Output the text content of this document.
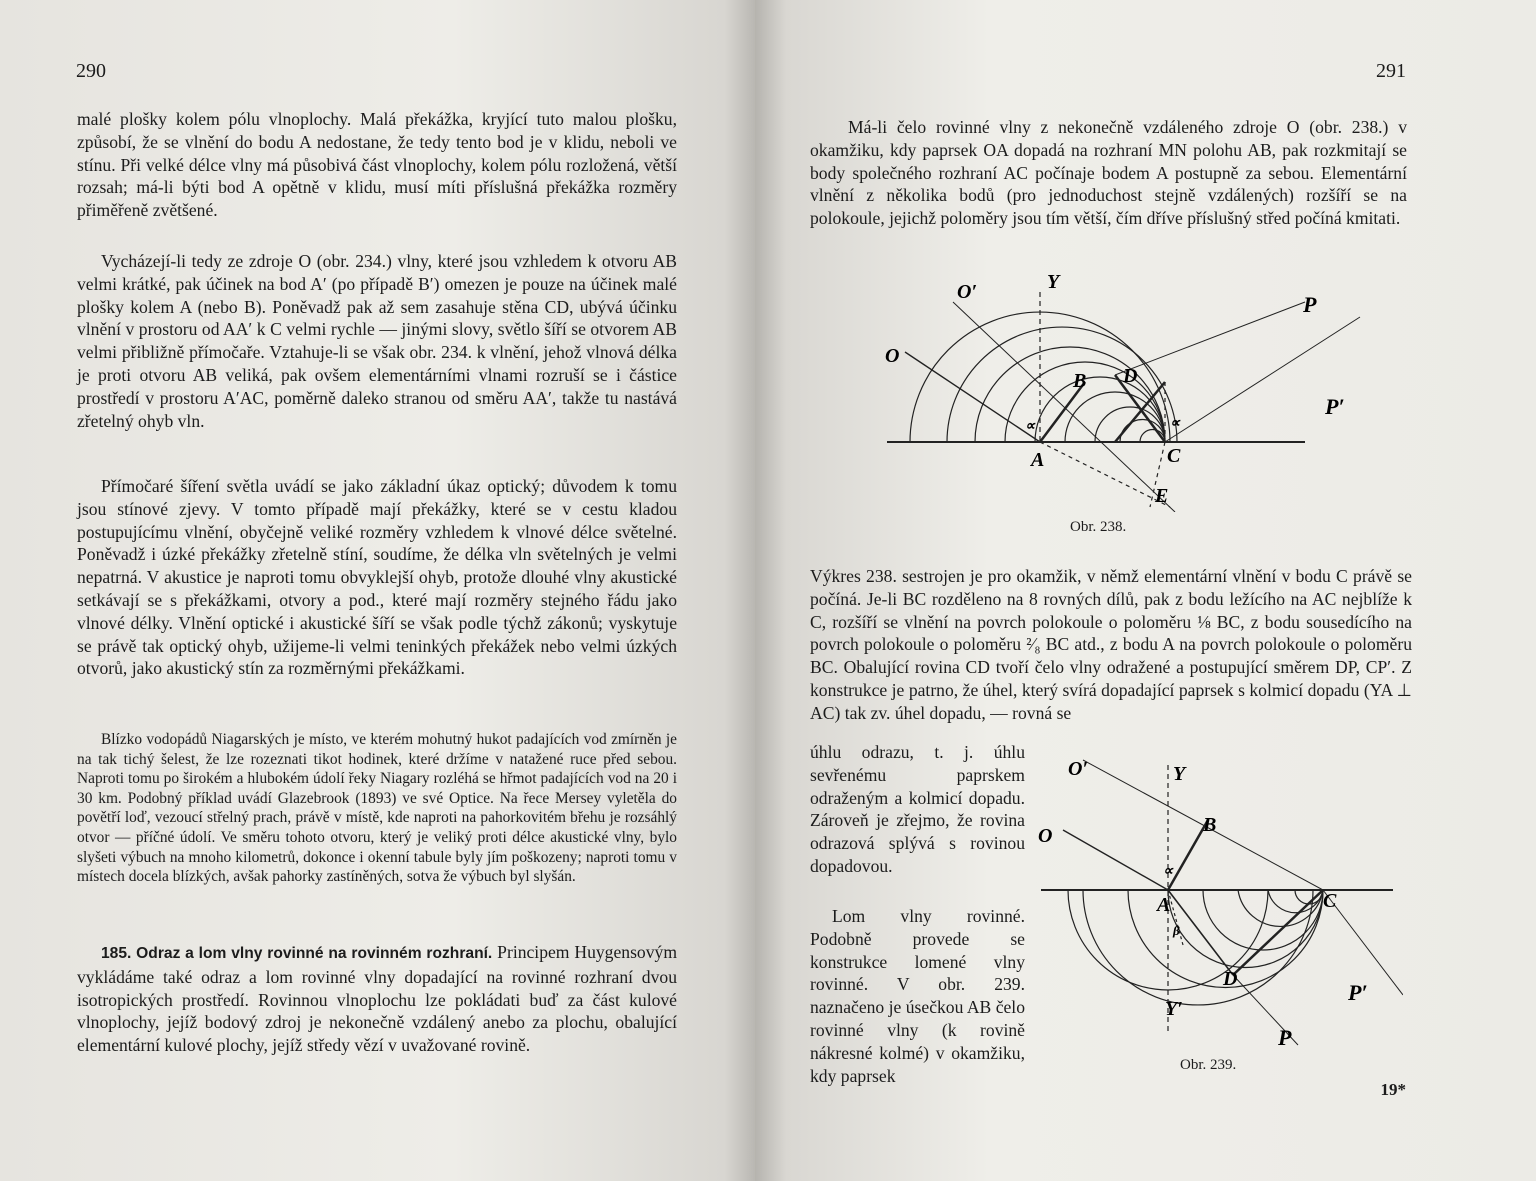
290

malé plošky kolem pólu vlnoplochy. Malá překážka, kryjící tuto malou plošku, způsobí, že se vlnění do bodu A nedostane, že tedy tento bod je v klidu, neboli ve stínu. Při velké délce vlny má působivá část vlnoplochy, kolem pólu rozložená, větší rozsah; má-li býti bod A opětně v klidu, musí míti příslušná překážka rozměry přiměřeně zvětšené.

Vycházejí-li tedy ze zdroje O (obr. 234.) vlny, které jsou vzhledem k otvoru AB velmi krátké, pak účinek na bod A′ (po případě B′) omezen je pouze na účinek malé plošky kolem A (nebo B). Poněvadž pak až sem zasahuje stěna CD, ubývá účinku vlnění v prostoru od AA′ k C velmi rychle — jinými slovy, světlo šíří se otvorem AB velmi přibližně přímočaře. Vztahuje-li se však obr. 234. k vlnění, jehož vlnová délka je proti otvoru AB veliká, pak ovšem elementárními vlnami rozruší se i částice prostředí v prostoru A′AC, poměrně daleko stranou od směru AA′, takže tu nastává zřetelný ohyb vln.

Přímočaré šíření světla uvádí se jako základní úkaz optický; důvodem k tomu jsou stínové zjevy. V tomto případě mají překážky, které se v cestu kladou postupujícímu vlnění, obyčejně veliké rozměry vzhledem k vlnové délce světelné. Poněvadž i úzké překážky zřetelně stíní, soudíme, že délka vln světelných je velmi nepatrná. V akustice je naproti tomu obvyklejší ohyb, protože dlouhé vlny akustické setkávají se s překážkami, otvory a pod., které mají rozměry stejného řádu jako vlnové délky. Vlnění optické i akustické šíří se však podle týchž zákonů; vyskytuje se právě tak optický ohyb, užijeme-li velmi teninkých překážek nebo velmi úzkých otvorů, jako akustický stín za rozměrnými překážkami.

Blízko vodopádů Niagarských je místo, ve kterém mohutný hukot padajících vod zmírněn je na tak tichý šelest, že lze rozeznati tikot hodinek, které držíme v natažené ruce před sebou. Naproti tomu po širokém a hlubokém údolí řeky Niagary rozléhá se hřmot padajících vod na 20 i 30 km. Podobný příklad uvádí Glazebrook (1893) ve své Optice. Na řece Mersey vyletěla do povětří loď, vezoucí střelný prach, právě v místě, kde naproti na pahorkovitém břehu je rozsáhlý otvor — příčné údolí. Ve směru tohoto otvoru, který je veliký proti délce akustické vlny, bylo slyšeti výbuch na mnoho kilometrů, dokonce i okenní tabule byly jím poškozeny; naproti tomu v místech docela blízkých, avšak pahorky zastíněných, sotva že výbuch byl slyšán.

185. Odraz a lom vlny rovinné na rovinném rozhraní. Principem Huygensovým vykládáme také odraz a lom rovinné vlny dopadající na rovinné rozhraní dvou isotropických prostředí. Rovinnou vlnoplochu lze pokládati buď za část kulové vlnoplochy, jejíž bodový zdroj je nekonečně vzdálený anebo za plochu, obalující elementární kulové plochy, jejíž středy vězí v uvažované rovině.

291

Má-li čelo rovinné vlny z nekonečně vzdáleného zdroje O (obr. 238.) v okamžiku, kdy paprsek OA dopadá na rozhraní MN polohu AB, pak rozkmitají se body společného rozhraní AC počínaje bodem A postupně za sebou. Elementární vlnění z několika bodů (pro jednoduchost stejně vzdálených) rozšíří se na polokoule, jejichž poloměry jsou tím větší, čím dříve příslušný střed počíná kmitati.

O′	Y
P
O
B D
P′
A	C
E
∝	∝
Obr. 238.

Výkres 238. sestrojen je pro okamžik, v němž elementární vlnění v bodu C právě se počíná. Je-li BC rozděleno na 8 rovných dílů, pak z bodu ležícího na AC nejblíže k C, rozšíří se vlnění na povrch polokoule o poloměru ⅛ BC, z bodu sousedícího na povrch polokoule o poloměru ²⁄₈ BC atd., z bodu A na povrch polokoule o poloměru BC. Obalující rovina CD tvoří čelo vlny odražené a postupující směrem DP, CP′. Z konstrukce je patrno, že úhel, který svírá dopadající paprsek s kolmicí dopadu (YA ⊥ AC) tak zv. úhel dopadu, — rovná se

úhlu odrazu, t. j. úhlu sevřenému paprskem odraženým a kolmicí dopadu. Zároveň je zřejmo, že rovina odrazová splývá s rovinou dopadovou.

Lom vlny rovinné. Podobně provede se konstrukce lomené vlny rovinné. V obr. 239. naznačeno je úsečkou AB čelo rovinné vlny (k rovině nákresné kolmé) v okamžiku, kdy paprsek

O′	Y
B
O
A	C
D
Y′
P′
P
∝
β
Obr. 239.
19*
